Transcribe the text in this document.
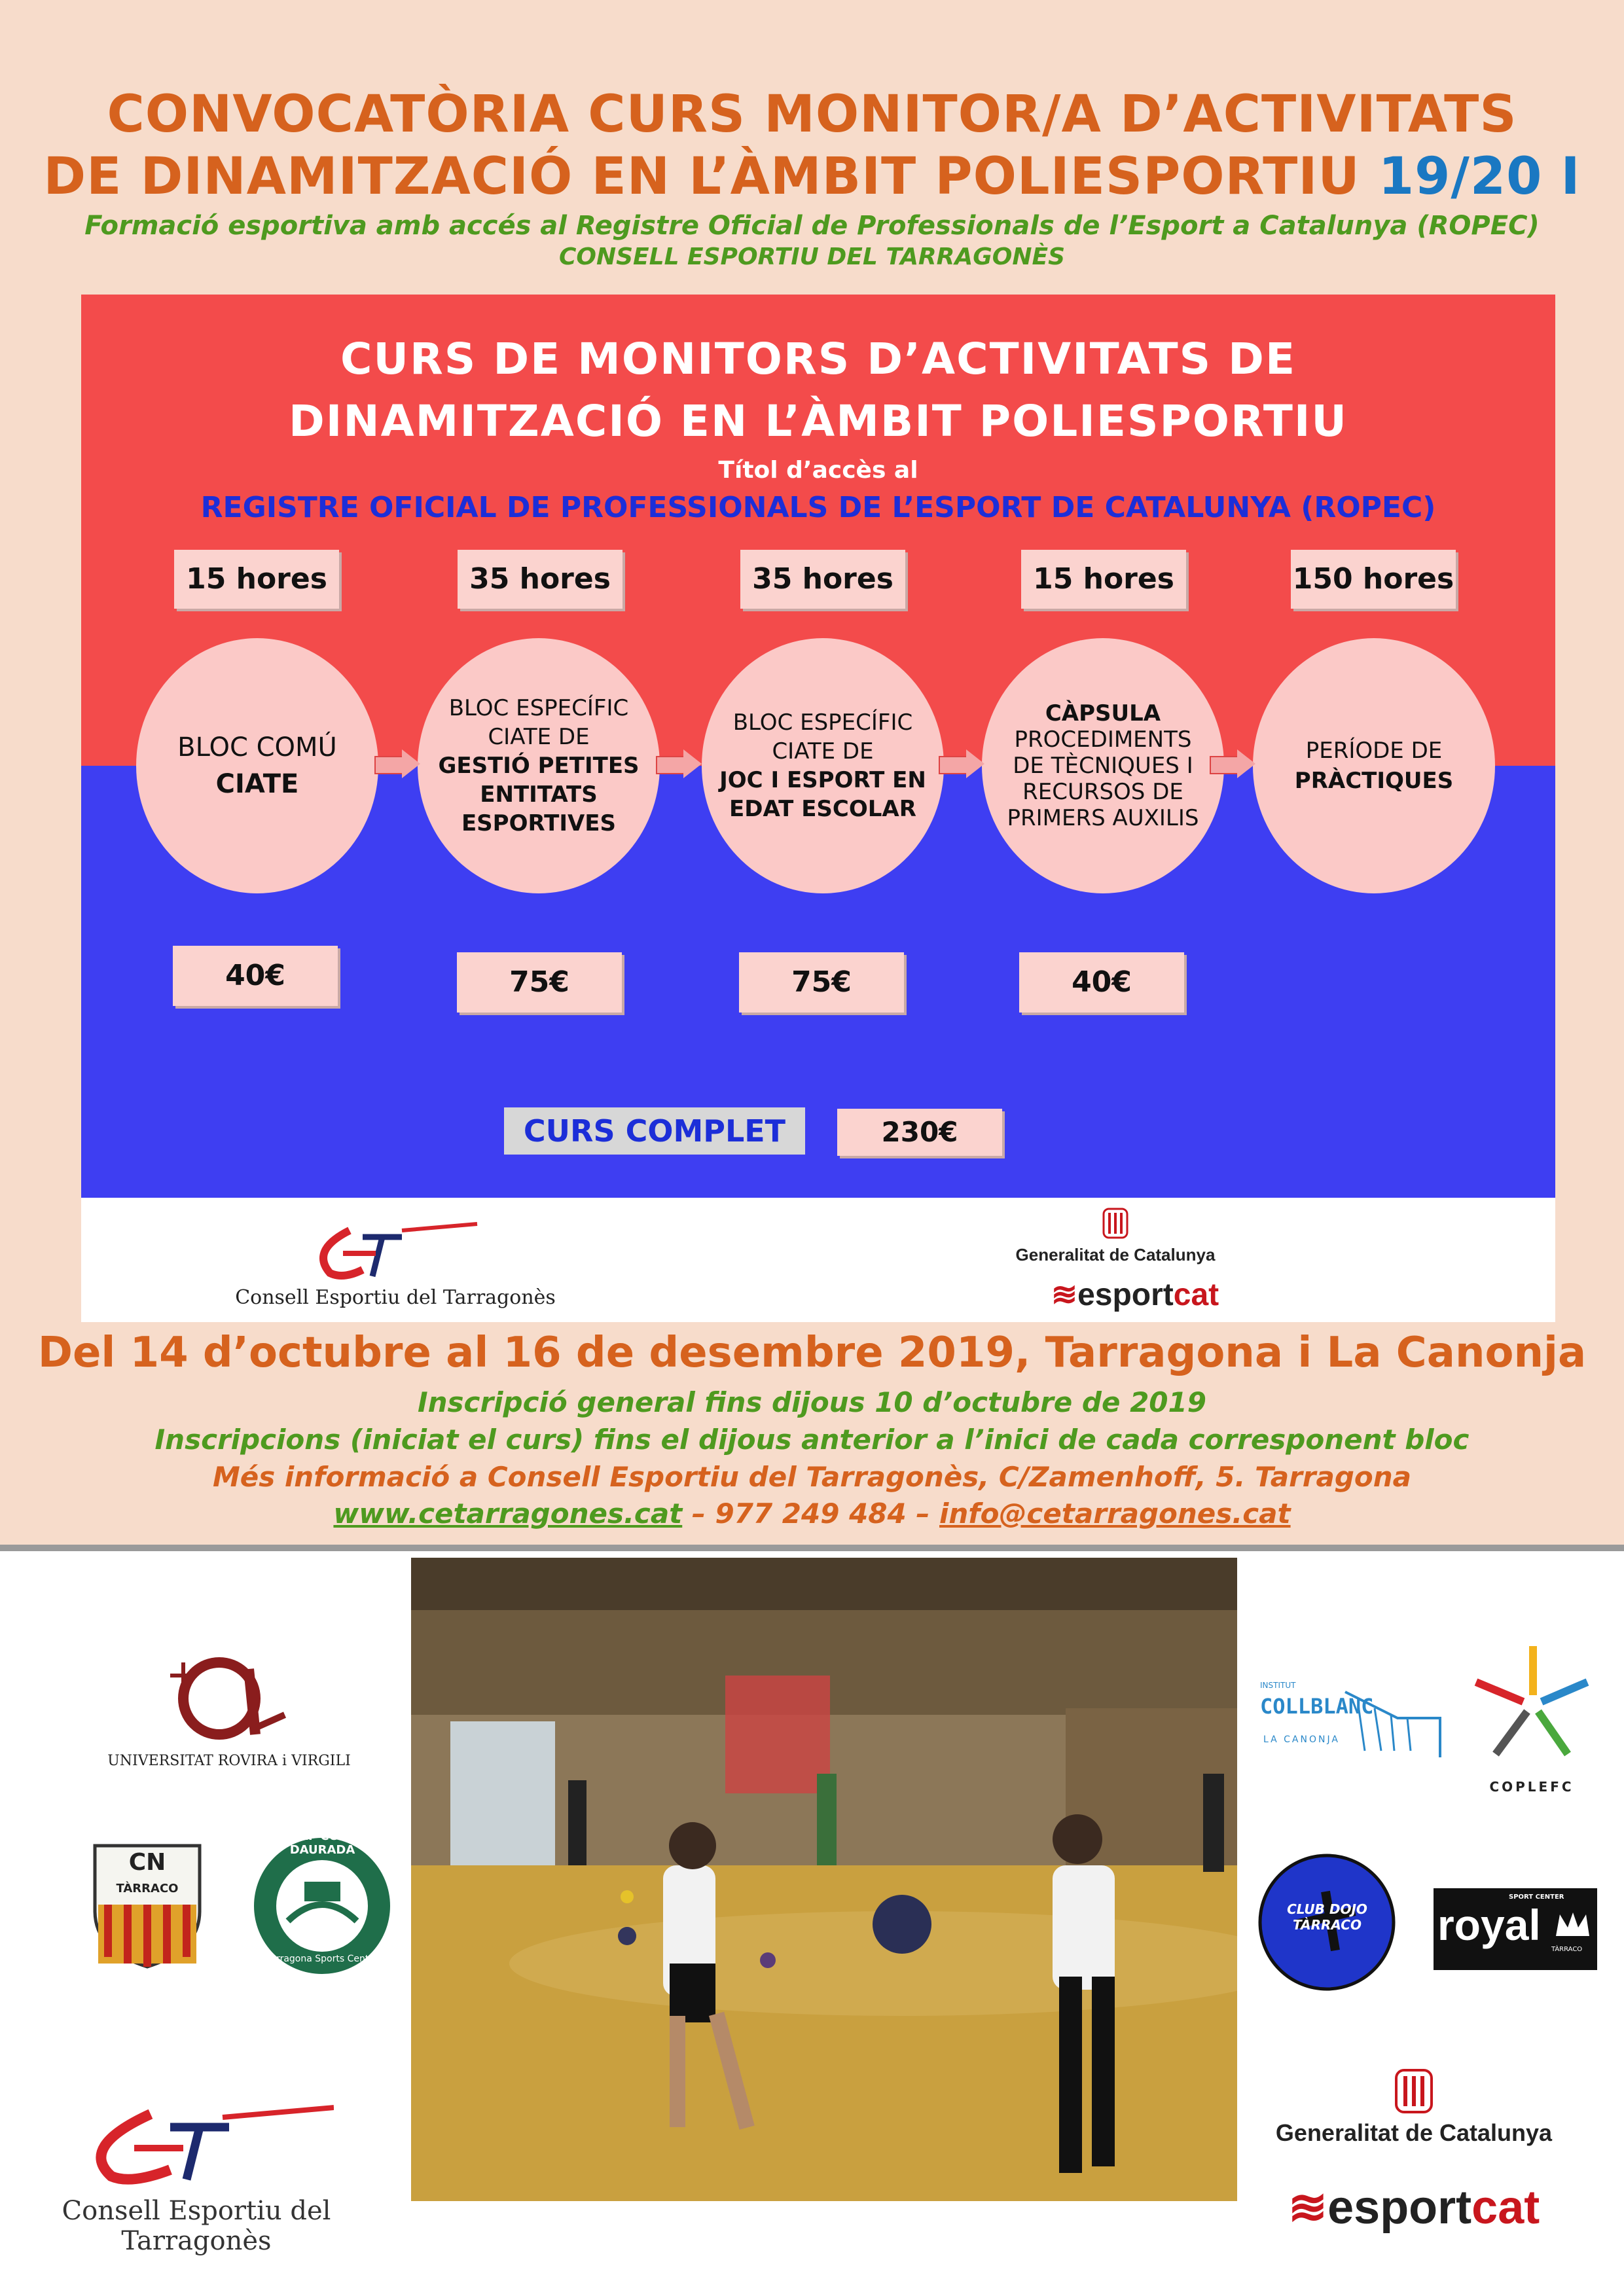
CONVOCATÒRIA CURS MONITOR/A D’ACTIVITATS
DE DINAMITZACIÓ EN L’ÀMBIT POLIESPORTIU 19/20 I
Formació esportiva amb accés al Registre Oficial de Professionals de l’Esport a Catalunya (ROPEC)
CONSELL ESPORTIU DEL TARRAGONÈS
CURS DE MONITORS D’ACTIVITATS DE
DINAMITZACIÓ EN L’ÀMBIT POLIESPORTIU
Títol d’accès al
REGISTRE OFICIAL DE PROFESSIONALS DE L’ESPORT DE CATALUNYA (ROPEC)
15 hores	35 hores	35 hores	15 hores	150 hores
BLOC COMÚ
CIATE
BLOC ESPECÍFIC
CIATE DE
GESTIÓ PETITES
ENTITATS
ESPORTIVES
BLOC ESPECÍFIC
CIATE DE
JOC I ESPORT EN
EDAT ESCOLAR
CÀPSULA
PROCEDIMENTS
DE TÈCNIQUES I
RECURSOS DE
PRIMERS AUXILIS
PERÍODE DE
PRÀCTIQUES
40€	75€	75€	40€
CURS COMPLET	230€
Consell Esportiu del Tarragonès
Generalitat de Catalunya
≋esportcat
Del 14 d’octubre al 16 de desembre 2019, Tarragona i La Canonja
Inscripció general fins dijous 10 d’octubre de 2019
Inscripcions (iniciat el curs) fins el dijous anterior a l’inici de cada corresponent bloc
Més informació a Consell Esportiu del Tarragonès, C/Zamenhoff, 5. Tarragona
www.cetarragones.cat – 977 249 484 – info@cetarragones.cat
UNIVERSITAT ROVIRA i VIRGILI
CN
TÀRRACO
GOLF COSTA DAURADA
Tarragona Sports Center
Consell Esportiu del Tarragonès
INSTITUT
COLLBLANC
LA CANONJA
COPLEFC
CLUB DOJO TÀRRACO
SPORT CENTER
royal
TÀRRACO
Generalitat de Catalunya
≋esportcat
